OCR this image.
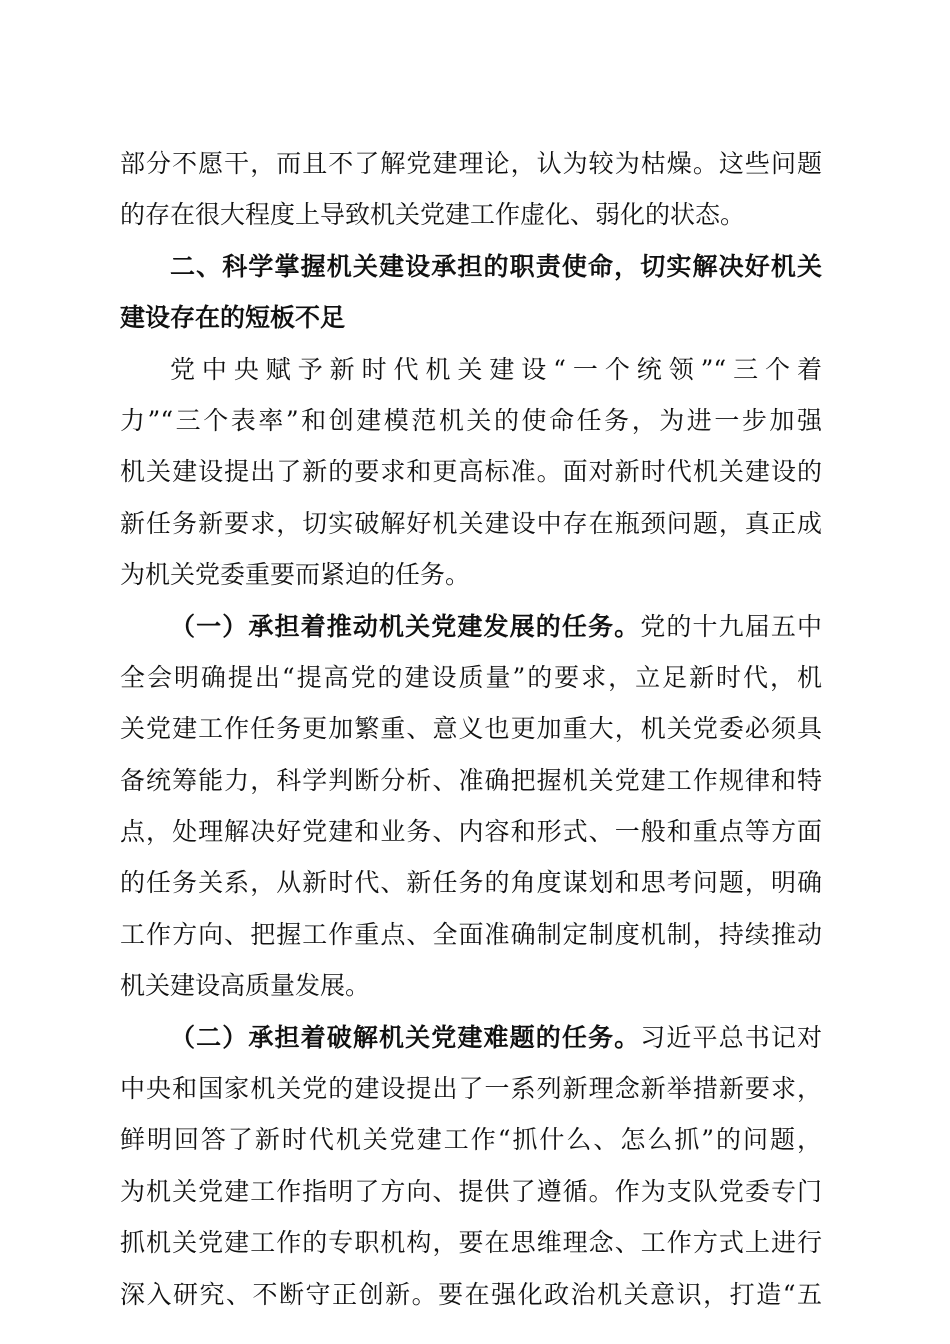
部分不愿干，而且不了解党建理论，认为较为枯燥。这些问题
的存在很大程度上导致机关党建工作虚化、弱化的状态。
二、科学掌握机关建设承担的职责使命，切实解决好机关
建设存在的短板不足
党中央赋予新时代机关建设“一个统领”“三个着
力”“三个表率”和创建模范机关的使命任务，为进一步加强
机关建设提出了新的要求和更高标准。面对新时代机关建设的
新任务新要求，切实破解好机关建设中存在瓶颈问题，真正成
为机关党委重要而紧迫的任务。
（一）承担着推动机关党建发展的任务。党的十九届五中
全会明确提出“提高党的建设质量”的要求，立足新时代，机
关党建工作任务更加繁重、意义也更加重大，机关党委必须具
备统筹能力，科学判断分析、准确把握机关党建工作规律和特
点，处理解决好党建和业务、内容和形式、一般和重点等方面
的任务关系，从新时代、新任务的角度谋划和思考问题，明确
工作方向、把握工作重点、全面准确制定制度机制，持续推动
机关建设高质量发展。
（二）承担着破解机关党建难题的任务。习近平总书记对
中央和国家机关党的建设提出了一系列新理念新举措新要求，
鲜明回答了新时代机关党建工作“抓什么、怎么抓”的问题，
为机关党建工作指明了方向、提供了遵循。作为支队党委专门
抓机关党建工作的专职机构，要在思维理念、工作方式上进行
深入研究、不断守正创新。要在强化政治机关意识，打造“五
